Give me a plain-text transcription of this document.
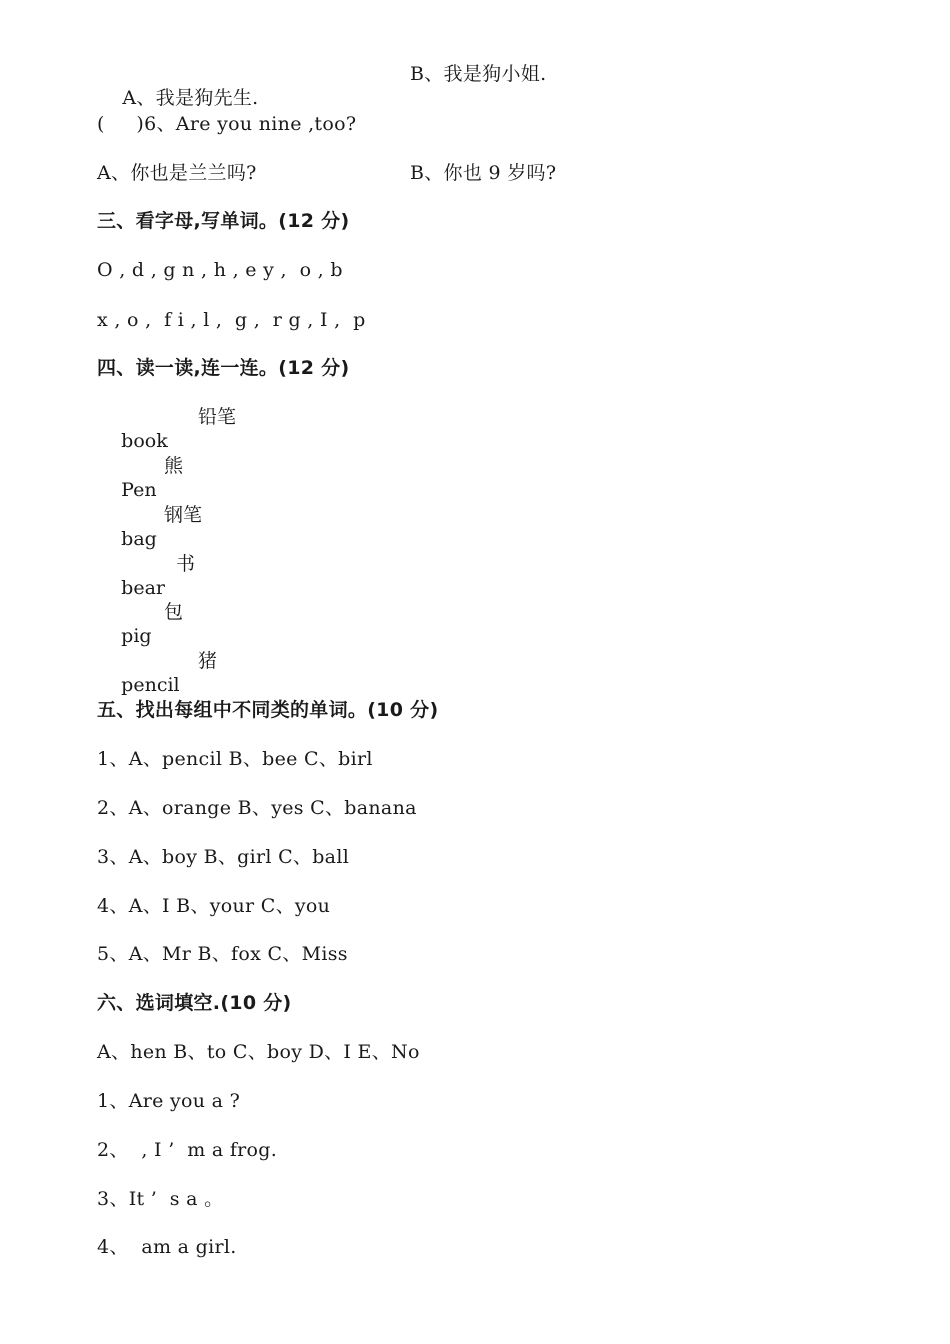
A、我是狗先生.

B、我是狗小姐.
(     )6、Are you nine ,too?
A、你也是兰兰吗?	B、你也 9 岁吗?
三、看字母,写单词。(12 分)
O , d , g n , h , e y ,  o , b
x , o ,  f i , l ,  g ,  r g , I ,  p
四、读一读,连一连。(12 分)

book

铅笔

Pen

熊

bag

钢笔

bear

书

pig

包

pencil

猪

五、找出每组中不同类的单词。(10 分)
1、A、pencil B、bee C、birl
2、A、orange B、yes C、banana
3、A、boy B、girl C、ball
4、A、I B、your C、you
5、A、Mr B、fox C、Miss
六、选词填空.(10 分)
A、hen B、to C、boy D、I E、No
1、Are you a ?
2、  , I ’  m a frog.
3、It ’  s a 。
4、  am a girl.
